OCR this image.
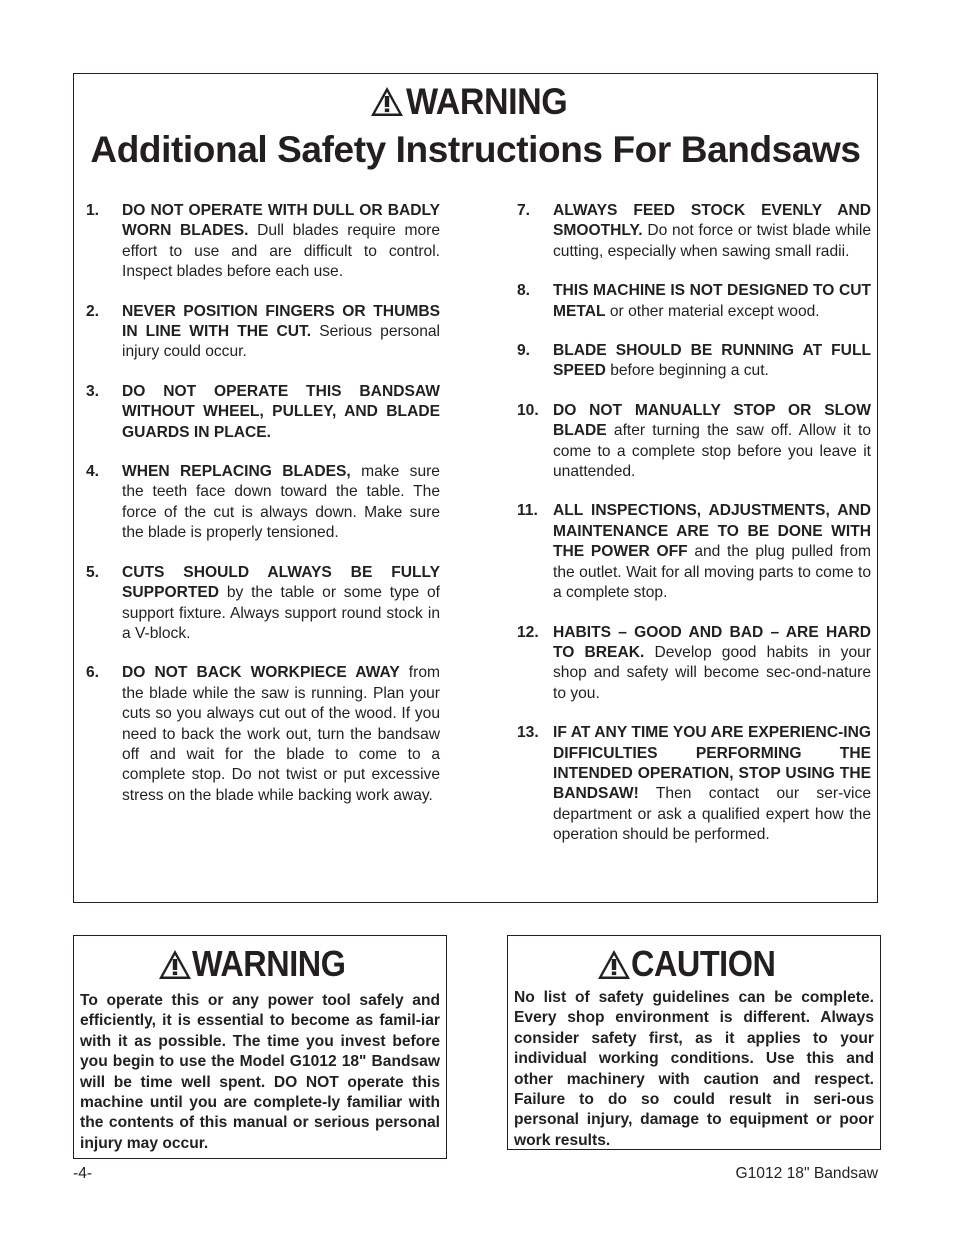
WARNING
Additional Safety Instructions For Bandsaws
1.	DO NOT OPERATE WITH DULL OR BADLY WORN BLADES. Dull blades require more effort to use and are difficult to control. Inspect blades before each use.
2.	NEVER POSITION FINGERS OR THUMBS IN LINE WITH THE CUT. Serious personal injury could occur.
3.	DO NOT OPERATE THIS BANDSAW WITHOUT WHEEL, PULLEY, AND BLADE GUARDS IN PLACE.
4.	WHEN REPLACING BLADES, make sure the teeth face down toward the table. The force of the cut is always down. Make sure the blade is properly tensioned.
5.	CUTS SHOULD ALWAYS BE FULLY SUPPORTED by the table or some type of support fixture. Always support round stock in a V-block.
6.	DO NOT BACK WORKPIECE AWAY from the blade while the saw is running. Plan your cuts so you always cut out of the wood. If you need to back the work out, turn the bandsaw off and wait for the blade to come to a complete stop. Do not twist or put excessive stress on the blade while backing work away.
7.	ALWAYS FEED STOCK EVENLY AND SMOOTHLY. Do not force or twist blade while cutting, especially when sawing small radii.
8.	THIS MACHINE IS NOT DESIGNED TO CUT METAL or other material except wood.
9.	BLADE SHOULD BE RUNNING AT FULL SPEED before beginning a cut.
10. DO NOT MANUALLY STOP OR SLOW BLADE after turning the saw off. Allow it to come to a complete stop before you leave it unattended.
11. ALL INSPECTIONS, ADJUSTMENTS, AND MAINTENANCE ARE TO BE DONE WITH THE POWER OFF and the plug pulled from the outlet. Wait for all moving parts to come to a complete stop.
12. HABITS – GOOD AND BAD – ARE HARD TO BREAK. Develop good habits in your shop and safety will become sec-ond-nature to you.
13. IF AT ANY TIME YOU ARE EXPERIENC-ING DIFFICULTIES PERFORMING THE INTENDED OPERATION, STOP USING THE BANDSAW! Then contact our ser-vice department or ask a qualified expert how the operation should be performed.
WARNING
To operate this or any power tool safely and efficiently, it is essential to become as famil-iar with it as possible. The time you invest before you begin to use the Model G1012 18" Bandsaw will be time well spent. DO NOT operate this machine until you are complete-ly familiar with the contents of this manual or serious personal injury may occur.
CAUTION
No list of safety guidelines can be complete. Every shop environment is different. Always consider safety first, as it applies to your individual working conditions. Use this and other machinery with caution and respect. Failure to do so could result in seri-ous personal injury, damage to equipment or poor work results.
-4-	G1012 18" Bandsaw
